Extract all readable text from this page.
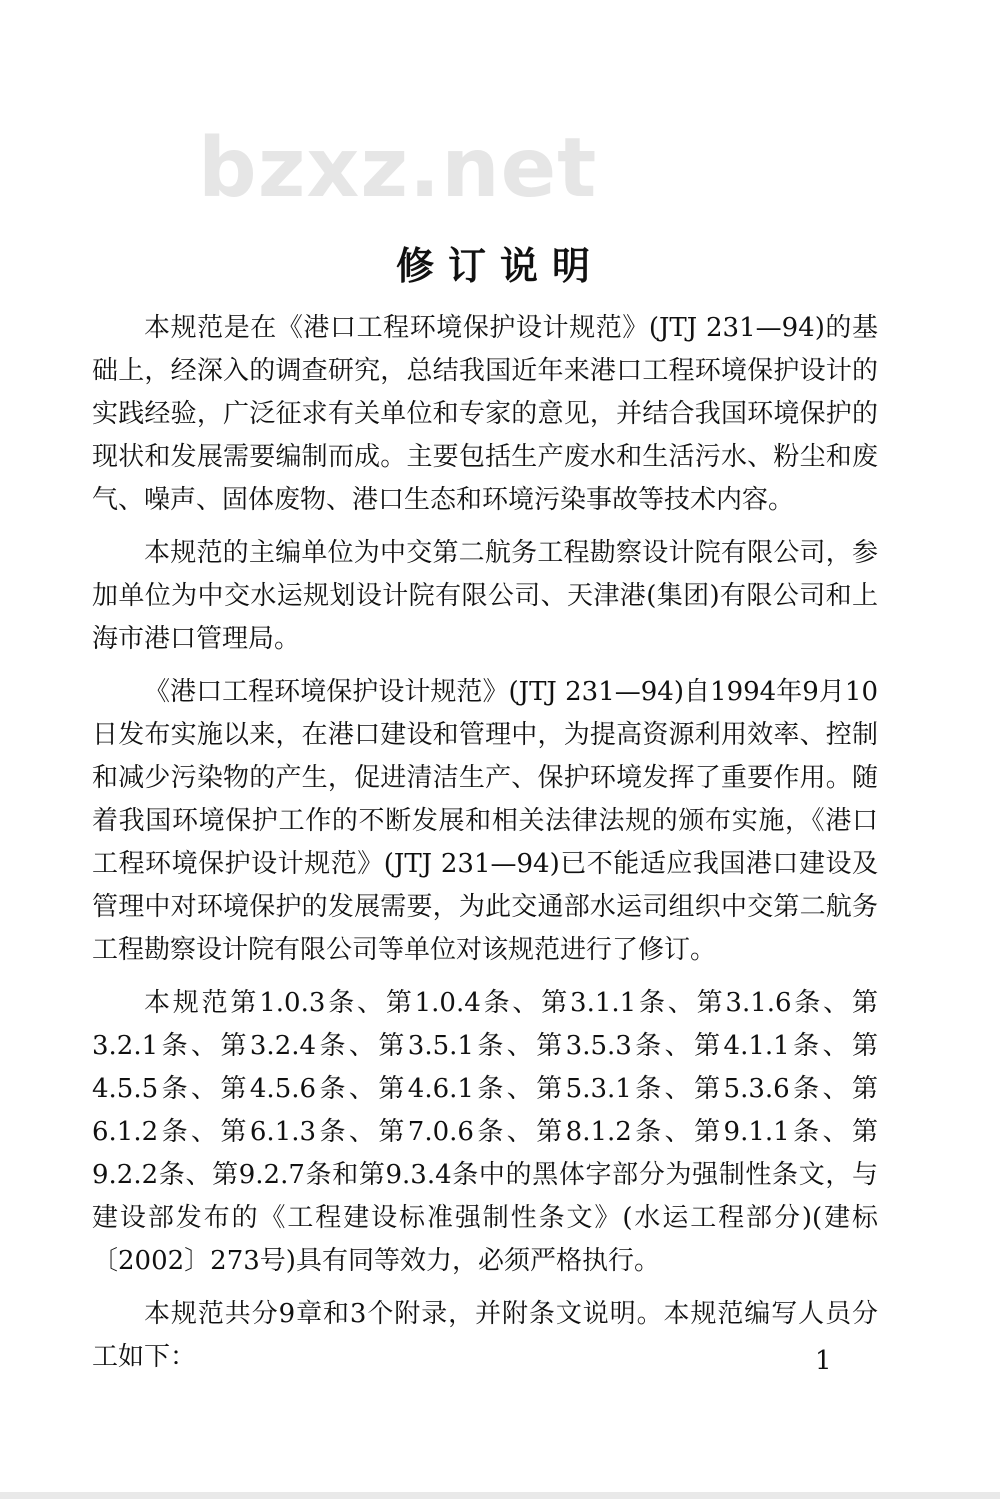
bzxz.net
修订说明

本规范是在《港口工程环境保护设计规范》(JTJ 231—94)的基础上，经深入的调查研究，总结我国近年来港口工程环境保护设计的实践经验，广泛征求有关单位和专家的意见，并结合我国环境保护的现状和发展需要编制而成。主要包括生产废水和生活污水、粉尘和废气、噪声、固体废物、港口生态和环境污染事故等技术内容。

本规范的主编单位为中交第二航务工程勘察设计院有限公司，参加单位为中交水运规划设计院有限公司、天津港(集团)有限公司和上海市港口管理局。

《港口工程环境保护设计规范》(JTJ 231—94)自1994年9月10日发布实施以来，在港口建设和管理中，为提高资源利用效率、控制和减少污染物的产生，促进清洁生产、保护环境发挥了重要作用。随着我国环境保护工作的不断发展和相关法律法规的颁布实施，《港口工程环境保护设计规范》(JTJ 231—94)已不能适应我国港口建设及管理中对环境保护的发展需要，为此交通部水运司组织中交第二航务工程勘察设计院有限公司等单位对该规范进行了修订。

本规范第1.0.3条、第1.0.4条、第3.1.1条、第3.1.6条、第3.2.1条、第3.2.4条、第3.5.1条、第3.5.3条、第4.1.1条、第4.5.5条、第4.5.6条、第4.6.1条、第5.3.1条、第5.3.6条、第6.1.2条、第6.1.3条、第7.0.6条、第8.1.2条、第9.1.1条、第9.2.2条、第9.2.7条和第9.3.4条中的黑体字部分为强制性条文，与建设部发布的《工程建设标准强制性条文》(水运工程部分)(建标〔2002〕273号)具有同等效力，必须严格执行。

本规范共分9章和3个附录，并附条文说明。本规范编写人员分工如下：	1
